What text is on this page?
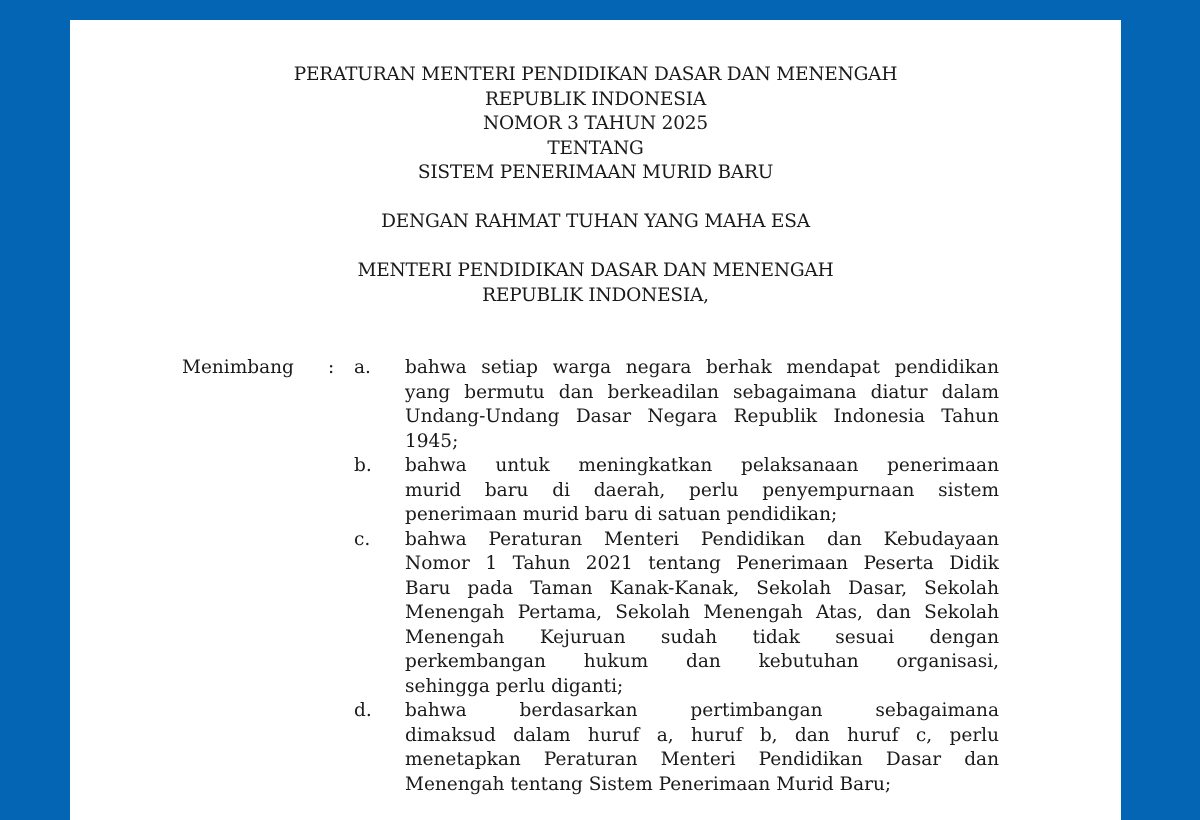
PERATURAN MENTERI PENDIDIKAN DASAR DAN MENENGAH
REPUBLIK INDONESIA
NOMOR 3 TAHUN 2025
TENTANG
SISTEM PENERIMAAN MURID BARU
DENGAN RAHMAT TUHAN YANG MAHA ESA
MENTERI PENDIDIKAN DASAR DAN MENENGAH
REPUBLIK INDONESIA,
Menimbang : a. bahwa setiap warga negara berhak mendapat pendidikan
yang bermutu dan berkeadilan sebagaimana diatur dalam
Undang-Undang Dasar Negara Republik Indonesia Tahun
1945;
b. bahwa untuk meningkatkan pelaksanaan penerimaan
murid baru di daerah, perlu penyempurnaan sistem
penerimaan murid baru di satuan pendidikan;
c. bahwa Peraturan Menteri Pendidikan dan Kebudayaan
Nomor 1 Tahun 2021 tentang Penerimaan Peserta Didik
Baru pada Taman Kanak-Kanak, Sekolah Dasar, Sekolah
Menengah Pertama, Sekolah Menengah Atas, dan Sekolah
Menengah Kejuruan sudah tidak sesuai dengan
perkembangan hukum dan kebutuhan organisasi,
sehingga perlu diganti;
d. bahwa berdasarkan pertimbangan sebagaimana
dimaksud dalam huruf a, huruf b, dan huruf c, perlu
menetapkan Peraturan Menteri Pendidikan Dasar dan
Menengah tentang Sistem Penerimaan Murid Baru;
